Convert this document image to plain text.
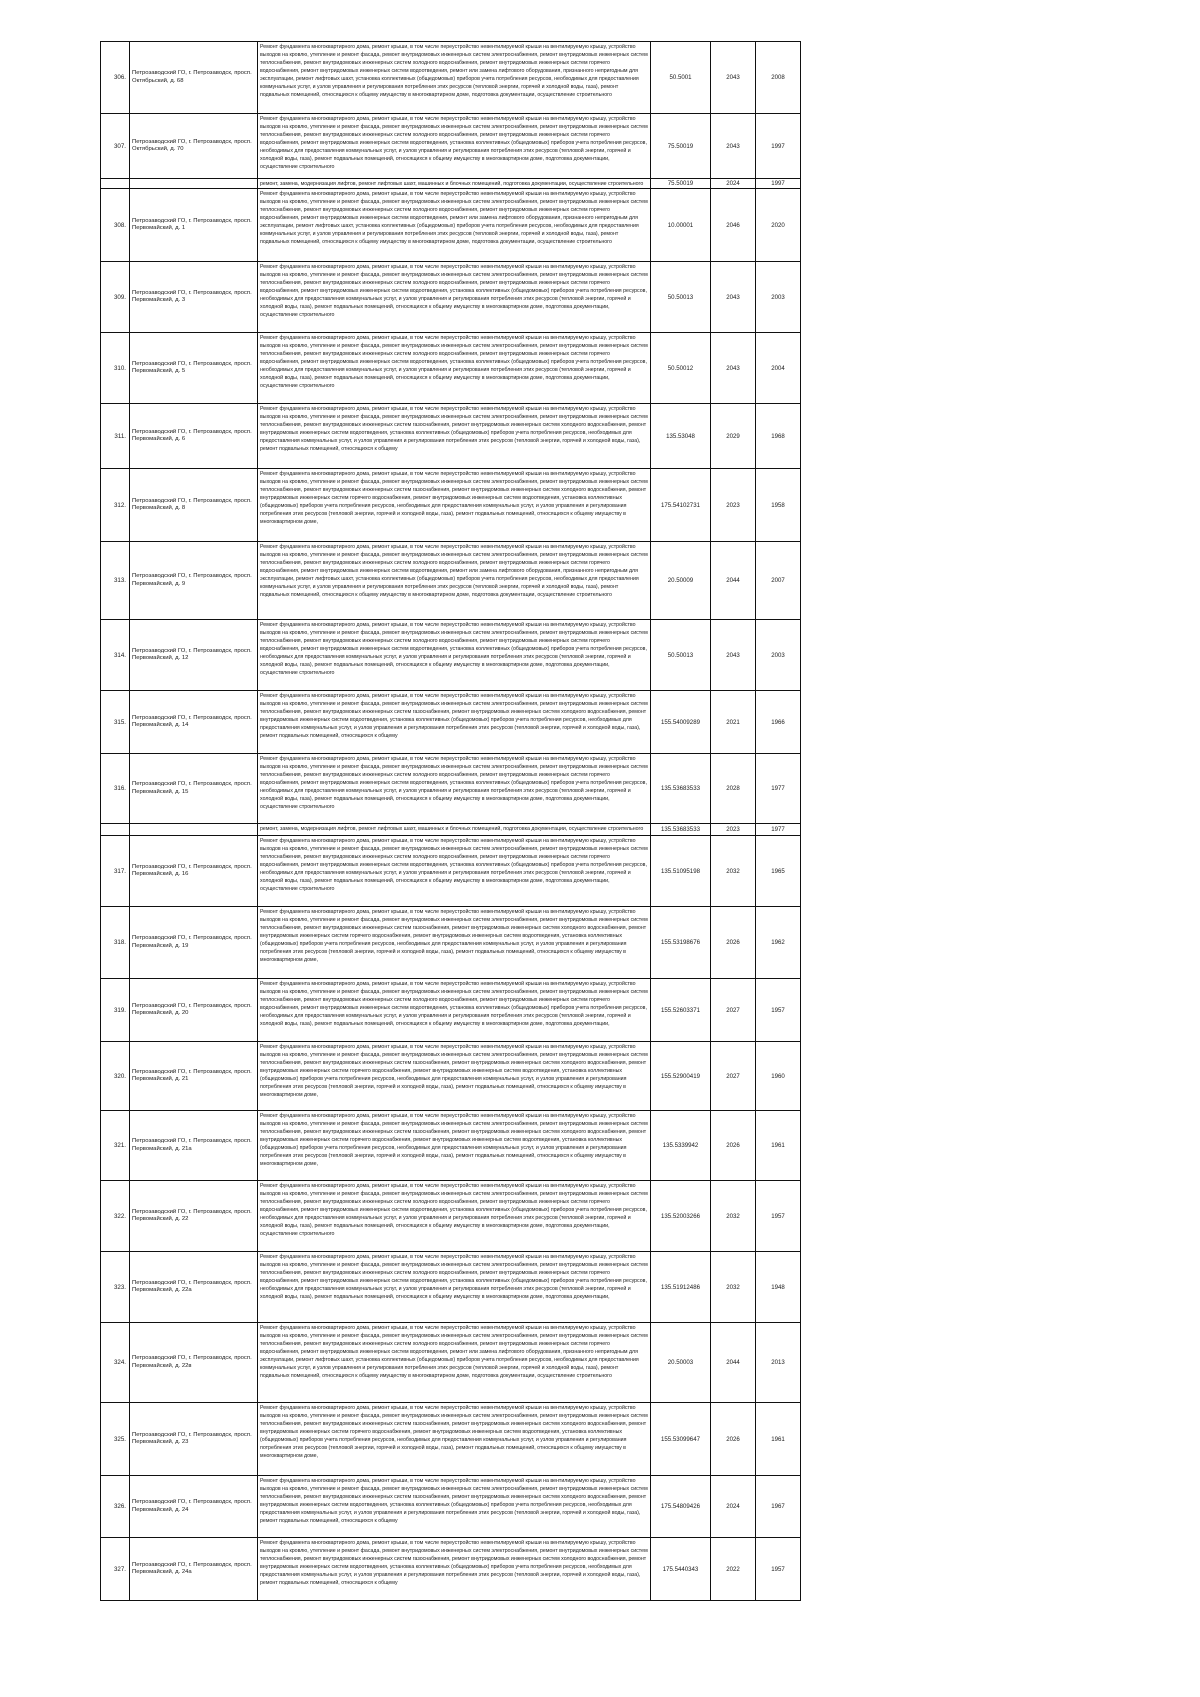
306.	Петрозаводский ГО, г. Петрозаводск, просп. Октябрьский, д. 68	Ремонт фундамента многоквартирного дома, ремонт крыши, в том числе переустройство невентилируемой крыши на вентилируемую крышу, устройство выходов на кровлю, утепление и ремонт фасада, ремонт внутридомовых инженерных систем электроснабжения, ремонт внутридомовых инженерных систем теплоснабжения, ремонт внутридомовых инженерных систем холодного водоснабжения, ремонт внутридомовых инженерных систем горячего водоснабжения, ремонт внутридомовых инженерных систем водоотведения, ремонт или замена лифтового оборудования, признанного непригодным для эксплуатации, ремонт лифтовых шахт, установка коллективных (общедомовых) приборов учета потребления ресурсов, необходимых для предоставления коммунальных услуг, и узлов управления и регулирования потребления этих ресурсов (тепловой энергии, горячей и холодной воды, газа), ремонт подвальных помещений, относящихся к общему имуществу в многоквартирном доме, подготовка документации, осуществление строительного	50.5001	2043	2008
307.	Петрозаводский ГО, г. Петрозаводск, просп. Октябрьский, д. 70	Ремонт фундамента многоквартирного дома, ремонт крыши, в том числе переустройство невентилируемой крыши на вентилируемую крышу, устройство выходов на кровлю, утепление и ремонт фасада, ремонт внутридомовых инженерных систем электроснабжения, ремонт внутридомовых инженерных систем теплоснабжения, ремонт внутридомовых инженерных систем холодного водоснабжения, ремонт внутридомовых инженерных систем горячего водоснабжения, ремонт внутридомовых инженерных систем водоотведения, установка коллективных (общедомовых) приборов учета потребления ресурсов, необходимых для предоставления коммунальных услуг, и узлов управления и регулирования потребления этих ресурсов (тепловой энергии, горячей и холодной воды, газа), ремонт подвальных помещений, относящихся к общему имуществу в многоквартирном доме, подготовка документации, осуществление строительного	75.50019	2043	1997

		ремонт, замена, модернизация лифтов, ремонт лифтовых шахт, машинных и блочных помещений, подготовка документации, осуществление строительного	75.50019	2024	1997
308.	Петрозаводский ГО, г. Петрозаводск, просп. Первомайский, д. 1	Ремонт фундамента многоквартирного дома, ремонт крыши, в том числе переустройство невентилируемой крыши на вентилируемую крышу, устройство выходов на кровлю, утепление и ремонт фасада, ремонт внутридомовых инженерных систем электроснабжения, ремонт внутридомовых инженерных систем теплоснабжения, ремонт внутридомовых инженерных систем холодного водоснабжения, ремонт внутридомовых инженерных систем горячего водоснабжения, ремонт внутридомовых инженерных систем водоотведения, ремонт или замена лифтового оборудования, признанного непригодным для эксплуатации, ремонт лифтовых шахт, установка коллективных (общедомовых) приборов учета потребления ресурсов, необходимых для предоставления коммунальных услуг, и узлов управления и регулирования потребления этих ресурсов (тепловой энергии, горячей и холодной воды, газа), ремонт подвальных помещений, относящихся к общему имуществу в многоквартирном доме, подготовка документации, осуществление строительного	10.00001	2046	2020
309.	Петрозаводский ГО, г. Петрозаводск, просп. Первомайский, д. 3	Ремонт фундамента многоквартирного дома, ремонт крыши, в том числе переустройство невентилируемой крыши на вентилируемую крышу, устройство выходов на кровлю, утепление и ремонт фасада, ремонт внутридомовых инженерных систем электроснабжения, ремонт внутридомовых инженерных систем теплоснабжения, ремонт внутридомовых инженерных систем холодного водоснабжения, ремонт внутридомовых инженерных систем горячего водоснабжения, ремонт внутридомовых инженерных систем водоотведения, установка коллективных (общедомовых) приборов учета потребления ресурсов, необходимых для предоставления коммунальных услуг, и узлов управления и регулирования потребления этих ресурсов (тепловой энергии, горячей и холодной воды, газа), ремонт подвальных помещений, относящихся к общему имуществу в многоквартирном доме, подготовка документации, осуществление строительного	50.50013	2043	2003
310.	Петрозаводский ГО, г. Петрозаводск, просп. Первомайский, д. 5	Ремонт фундамента многоквартирного дома, ремонт крыши, в том числе переустройство невентилируемой крыши на вентилируемую крышу, устройство выходов на кровлю, утепление и ремонт фасада, ремонт внутридомовых инженерных систем электроснабжения, ремонт внутридомовых инженерных систем теплоснабжения, ремонт внутридомовых инженерных систем холодного водоснабжения, ремонт внутридомовых инженерных систем горячего водоснабжения, ремонт внутридомовых инженерных систем водоотведения, установка коллективных (общедомовых) приборов учета потребления ресурсов, необходимых для предоставления коммунальных услуг, и узлов управления и регулирования потребления этих ресурсов (тепловой энергии, горячей и холодной воды, газа), ремонт подвальных помещений, относящихся к общему имуществу в многоквартирном доме, подготовка документации, осуществление строительного	50.50012	2043	2004
311.	Петрозаводский ГО, г. Петрозаводск, просп. Первомайский, д. 6	Ремонт фундамента многоквартирного дома, ремонт крыши, в том числе переустройство невентилируемой крыши на вентилируемую крышу, устройство выходов на кровлю, утепление и ремонт фасада, ремонт внутридомовых инженерных систем электроснабжения, ремонт внутридомовых инженерных систем теплоснабжения, ремонт внутридомовых инженерных систем газоснабжения, ремонт внутридомовых инженерных систем холодного водоснабжения, ремонт внутридомовых инженерных систем водоотведения, установка коллективных (общедомовых) приборов учета потребления ресурсов, необходимых для предоставления коммунальных услуг, и узлов управления и регулирования потребления этих ресурсов (тепловой энергии, горячей и холодной воды, газа), ремонт подвальных помещений, относящихся к общему	135.53048	2029	1968
312.	Петрозаводский ГО, г. Петрозаводск, просп. Первомайский, д. 8	Ремонт фундамента многоквартирного дома, ремонт крыши, в том числе переустройство невентилируемой крыши на вентилируемую крышу, устройство выходов на кровлю, утепление и ремонт фасада, ремонт внутридомовых инженерных систем электроснабжения, ремонт внутридомовых инженерных систем теплоснабжения, ремонт внутридомовых инженерных систем газоснабжения, ремонт внутридомовых инженерных систем холодного водоснабжения, ремонт внутридомовых инженерных систем горячего водоснабжения, ремонт внутридомовых инженерных систем водоотведения, установка коллективных (общедомовых) приборов учета потребления ресурсов, необходимых для предоставления коммунальных услуг, и узлов управления и регулирования потребления этих ресурсов (тепловой энергии, горячей и холодной воды, газа), ремонт подвальных помещений, относящихся к общему имуществу в многоквартирном доме,	175.54102731	2023	1958
313.	Петрозаводский ГО, г. Петрозаводск, просп. Первомайский, д. 9	Ремонт фундамента многоквартирного дома, ремонт крыши, в том числе переустройство невентилируемой крыши на вентилируемую крышу, устройство выходов на кровлю, утепление и ремонт фасада, ремонт внутридомовых инженерных систем электроснабжения, ремонт внутридомовых инженерных систем теплоснабжения, ремонт внутридомовых инженерных систем холодного водоснабжения, ремонт внутридомовых инженерных систем горячего водоснабжения, ремонт внутридомовых инженерных систем водоотведения, ремонт или замена лифтового оборудования, признанного непригодным для эксплуатации, ремонт лифтовых шахт, установка коллективных (общедомовых) приборов учета потребления ресурсов, необходимых для предоставления коммунальных услуг, и узлов управления и регулирования потребления этих ресурсов (тепловой энергии, горячей и холодной воды, газа), ремонт подвальных помещений, относящихся к общему имуществу в многоквартирном доме, подготовка документации, осуществление строительного	20.50009	2044	2007
314.	Петрозаводский ГО, г. Петрозаводск, просп. Первомайский, д. 12	Ремонт фундамента многоквартирного дома, ремонт крыши, в том числе переустройство невентилируемой крыши на вентилируемую крышу, устройство выходов на кровлю, утепление и ремонт фасада, ремонт внутридомовых инженерных систем электроснабжения, ремонт внутридомовых инженерных систем теплоснабжения, ремонт внутридомовых инженерных систем холодного водоснабжения, ремонт внутридомовых инженерных систем горячего водоснабжения, ремонт внутридомовых инженерных систем водоотведения, установка коллективных (общедомовых) приборов учета потребления ресурсов, необходимых для предоставления коммунальных услуг, и узлов управления и регулирования потребления этих ресурсов (тепловой энергии, горячей и холодной воды, газа), ремонт подвальных помещений, относящихся к общему имуществу в многоквартирном доме, подготовка документации, осуществление строительного	50.50013	2043	2003
315.	Петрозаводский ГО, г. Петрозаводск, просп. Первомайский, д. 14	Ремонт фундамента многоквартирного дома, ремонт крыши, в том числе переустройство невентилируемой крыши на вентилируемую крышу, устройство выходов на кровлю, утепление и ремонт фасада, ремонт внутридомовых инженерных систем электроснабжения, ремонт внутридомовых инженерных систем теплоснабжения, ремонт внутридомовых инженерных систем газоснабжения, ремонт внутридомовых инженерных систем холодного водоснабжения, ремонт внутридомовых инженерных систем водоотведения, установка коллективных (общедомовых) приборов учета потребления ресурсов, необходимых для предоставления коммунальных услуг, и узлов управления и регулирования потребления этих ресурсов (тепловой энергии, горячей и холодной воды, газа), ремонт подвальных помещений, относящихся к общему	155.54009289	2021	1966
316.	Петрозаводский ГО, г. Петрозаводск, просп. Первомайский, д. 15	Ремонт фундамента многоквартирного дома, ремонт крыши, в том числе переустройство невентилируемой крыши на вентилируемую крышу, устройство выходов на кровлю, утепление и ремонт фасада, ремонт внутридомовых инженерных систем электроснабжения, ремонт внутридомовых инженерных систем теплоснабжения, ремонт внутридомовых инженерных систем холодного водоснабжения, ремонт внутридомовых инженерных систем горячего водоснабжения, ремонт внутридомовых инженерных систем водоотведения, установка коллективных (общедомовых) приборов учета потребления ресурсов, необходимых для предоставления коммунальных услуг, и узлов управления и регулирования потребления этих ресурсов (тепловой энергии, горячей и холодной воды, газа), ремонт подвальных помещений, относящихся к общему имуществу в многоквартирном доме, подготовка документации, осуществление строительного	135.53683533	2028	1977

		ремонт, замена, модернизация лифтов, ремонт лифтовых шахт, машинных и блочных помещений, подготовка документации, осуществление строительного	135.53683533	2023	1977
317.	Петрозаводский ГО, г. Петрозаводск, просп. Первомайский, д. 16	Ремонт фундамента многоквартирного дома, ремонт крыши, в том числе переустройство невентилируемой крыши на вентилируемую крышу, устройство выходов на кровлю, утепление и ремонт фасада, ремонт внутридомовых инженерных систем электроснабжения, ремонт внутридомовых инженерных систем теплоснабжения, ремонт внутридомовых инженерных систем холодного водоснабжения, ремонт внутридомовых инженерных систем горячего водоснабжения, ремонт внутридомовых инженерных систем водоотведения, установка коллективных (общедомовых) приборов учета потребления ресурсов, необходимых для предоставления коммунальных услуг, и узлов управления и регулирования потребления этих ресурсов (тепловой энергии, горячей и холодной воды, газа), ремонт подвальных помещений, относящихся к общему имуществу в многоквартирном доме, подготовка документации, осуществление строительного	135.51095198	2032	1965
318.	Петрозаводский ГО, г. Петрозаводск, просп. Первомайский, д. 19	Ремонт фундамента многоквартирного дома, ремонт крыши, в том числе переустройство невентилируемой крыши на вентилируемую крышу, устройство выходов на кровлю, утепление и ремонт фасада, ремонт внутридомовых инженерных систем электроснабжения, ремонт внутридомовых инженерных систем теплоснабжения, ремонт внутридомовых инженерных систем газоснабжения, ремонт внутридомовых инженерных систем холодного водоснабжения, ремонт внутридомовых инженерных систем горячего водоснабжения, ремонт внутридомовых инженерных систем водоотведения, установка коллективных (общедомовых) приборов учета потребления ресурсов, необходимых для предоставления коммунальных услуг, и узлов управления и регулирования потребления этих ресурсов (тепловой энергии, горячей и холодной воды, газа), ремонт подвальных помещений, относящихся к общему имуществу в многоквартирном доме,	155.53198676	2026	1962
319.	Петрозаводский ГО, г. Петрозаводск, просп. Первомайский, д. 20	Ремонт фундамента многоквартирного дома, ремонт крыши, в том числе переустройство невентилируемой крыши на вентилируемую крышу, устройство выходов на кровлю, утепление и ремонт фасада, ремонт внутридомовых инженерных систем электроснабжения, ремонт внутридомовых инженерных систем теплоснабжения, ремонт внутридомовых инженерных систем холодного водоснабжения, ремонт внутридомовых инженерных систем горячего водоснабжения, ремонт внутридомовых инженерных систем водоотведения, установка коллективных (общедомовых) приборов учета потребления ресурсов, необходимых для предоставления коммунальных услуг, и узлов управления и регулирования потребления этих ресурсов (тепловой энергии, горячей и холодной воды, газа), ремонт подвальных помещений, относящихся к общему имуществу в многоквартирном доме, подготовка документации,	155.52603371	2027	1957
320.	Петрозаводский ГО, г. Петрозаводск, просп. Первомайский, д. 21	Ремонт фундамента многоквартирного дома, ремонт крыши, в том числе переустройство невентилируемой крыши на вентилируемую крышу, устройство выходов на кровлю, утепление и ремонт фасада, ремонт внутридомовых инженерных систем электроснабжения, ремонт внутридомовых инженерных систем теплоснабжения, ремонт внутридомовых инженерных систем газоснабжения, ремонт внутридомовых инженерных систем холодного водоснабжения, ремонт внутридомовых инженерных систем горячего водоснабжения, ремонт внутридомовых инженерных систем водоотведения, установка коллективных (общедомовых) приборов учета потребления ресурсов, необходимых для предоставления коммунальных услуг, и узлов управления и регулирования потребления этих ресурсов (тепловой энергии, горячей и холодной воды, газа), ремонт подвальных помещений, относящихся к общему имуществу в многоквартирном доме,	155.52900419	2027	1960
321.	Петрозаводский ГО, г. Петрозаводск, просп. Первомайский, д. 21а	Ремонт фундамента многоквартирного дома, ремонт крыши, в том числе переустройство невентилируемой крыши на вентилируемую крышу, устройство выходов на кровлю, утепление и ремонт фасада, ремонт внутридомовых инженерных систем электроснабжения, ремонт внутридомовых инженерных систем теплоснабжения, ремонт внутридомовых инженерных систем газоснабжения, ремонт внутридомовых инженерных систем холодного водоснабжения, ремонт внутридомовых инженерных систем горячего водоснабжения, ремонт внутридомовых инженерных систем водоотведения, установка коллективных (общедомовых) приборов учета потребления ресурсов, необходимых для предоставления коммунальных услуг, и узлов управления и регулирования потребления этих ресурсов (тепловой энергии, горячей и холодной воды, газа), ремонт подвальных помещений, относящихся к общему имуществу в многоквартирном доме,	135.5339942	2026	1961
322.	Петрозаводский ГО, г. Петрозаводск, просп. Первомайский, д. 22	Ремонт фундамента многоквартирного дома, ремонт крыши, в том числе переустройство невентилируемой крыши на вентилируемую крышу, устройство выходов на кровлю, утепление и ремонт фасада, ремонт внутридомовых инженерных систем электроснабжения, ремонт внутридомовых инженерных систем теплоснабжения, ремонт внутридомовых инженерных систем холодного водоснабжения, ремонт внутридомовых инженерных систем горячего водоснабжения, ремонт внутридомовых инженерных систем водоотведения, установка коллективных (общедомовых) приборов учета потребления ресурсов, необходимых для предоставления коммунальных услуг, и узлов управления и регулирования потребления этих ресурсов (тепловой энергии, горячей и холодной воды, газа), ремонт подвальных помещений, относящихся к общему имуществу в многоквартирном доме, подготовка документации, осуществление строительного	135.52003266	2032	1957
323.	Петрозаводский ГО, г. Петрозаводск, просп. Первомайский, д. 22а	Ремонт фундамента многоквартирного дома, ремонт крыши, в том числе переустройство невентилируемой крыши на вентилируемую крышу, устройство выходов на кровлю, утепление и ремонт фасада, ремонт внутридомовых инженерных систем электроснабжения, ремонт внутридомовых инженерных систем теплоснабжения, ремонт внутридомовых инженерных систем холодного водоснабжения, ремонт внутридомовых инженерных систем горячего водоснабжения, ремонт внутридомовых инженерных систем водоотведения, установка коллективных (общедомовых) приборов учета потребления ресурсов, необходимых для предоставления коммунальных услуг, и узлов управления и регулирования потребления этих ресурсов (тепловой энергии, горячей и холодной воды, газа), ремонт подвальных помещений, относящихся к общему имуществу в многоквартирном доме, подготовка документации,	135.51912486	2032	1948
324.	Петрозаводский ГО, г. Петрозаводск, просп. Первомайский, д. 22в	Ремонт фундамента многоквартирного дома, ремонт крыши, в том числе переустройство невентилируемой крыши на вентилируемую крышу, устройство выходов на кровлю, утепление и ремонт фасада, ремонт внутридомовых инженерных систем электроснабжения, ремонт внутридомовых инженерных систем теплоснабжения, ремонт внутридомовых инженерных систем холодного водоснабжения, ремонт внутридомовых инженерных систем горячего водоснабжения, ремонт внутридомовых инженерных систем водоотведения, ремонт или замена лифтового оборудования, признанного непригодным для эксплуатации, ремонт лифтовых шахт, установка коллективных (общедомовых) приборов учета потребления ресурсов, необходимых для предоставления коммунальных услуг, и узлов управления и регулирования потребления этих ресурсов (тепловой энергии, горячей и холодной воды, газа), ремонт подвальных помещений, относящихся к общему имуществу в многоквартирном доме, подготовка документации, осуществление строительного	20.50003	2044	2013
325.	Петрозаводский ГО, г. Петрозаводск, просп. Первомайский, д. 23	Ремонт фундамента многоквартирного дома, ремонт крыши, в том числе переустройство невентилируемой крыши на вентилируемую крышу, устройство выходов на кровлю, утепление и ремонт фасада, ремонт внутридомовых инженерных систем электроснабжения, ремонт внутридомовых инженерных систем теплоснабжения, ремонт внутридомовых инженерных систем газоснабжения, ремонт внутридомовых инженерных систем холодного водоснабжения, ремонт внутридомовых инженерных систем горячего водоснабжения, ремонт внутридомовых инженерных систем водоотведения, установка коллективных (общедомовых) приборов учета потребления ресурсов, необходимых для предоставления коммунальных услуг, и узлов управления и регулирования потребления этих ресурсов (тепловой энергии, горячей и холодной воды, газа), ремонт подвальных помещений, относящихся к общему имуществу в многоквартирном доме,	155.53099647	2026	1961
326.	Петрозаводский ГО, г. Петрозаводск, просп. Первомайский, д. 24	Ремонт фундамента многоквартирного дома, ремонт крыши, в том числе переустройство невентилируемой крыши на вентилируемую крышу, устройство выходов на кровлю, утепление и ремонт фасада, ремонт внутридомовых инженерных систем электроснабжения, ремонт внутридомовых инженерных систем теплоснабжения, ремонт внутридомовых инженерных систем газоснабжения, ремонт внутридомовых инженерных систем холодного водоснабжения, ремонт внутридомовых инженерных систем водоотведения, установка коллективных (общедомовых) приборов учета потребления ресурсов, необходимых для предоставления коммунальных услуг, и узлов управления и регулирования потребления этих ресурсов (тепловой энергии, горячей и холодной воды, газа), ремонт подвальных помещений, относящихся к общему	175.54809426	2024	1967
327.	Петрозаводский ГО, г. Петрозаводск, просп. Первомайский, д. 24а	Ремонт фундамента многоквартирного дома, ремонт крыши, в том числе переустройство невентилируемой крыши на вентилируемую крышу, устройство выходов на кровлю, утепление и ремонт фасада, ремонт внутридомовых инженерных систем электроснабжения, ремонт внутридомовых инженерных систем теплоснабжения, ремонт внутридомовых инженерных систем газоснабжения, ремонт внутридомовых инженерных систем холодного водоснабжения, ремонт внутридомовых инженерных систем водоотведения, установка коллективных (общедомовых) приборов учета потребления ресурсов, необходимых для предоставления коммунальных услуг, и узлов управления и регулирования потребления этих ресурсов (тепловой энергии, горячей и холодной воды, газа), ремонт подвальных помещений, относящихся к общему	175.5440343	2022	1957
